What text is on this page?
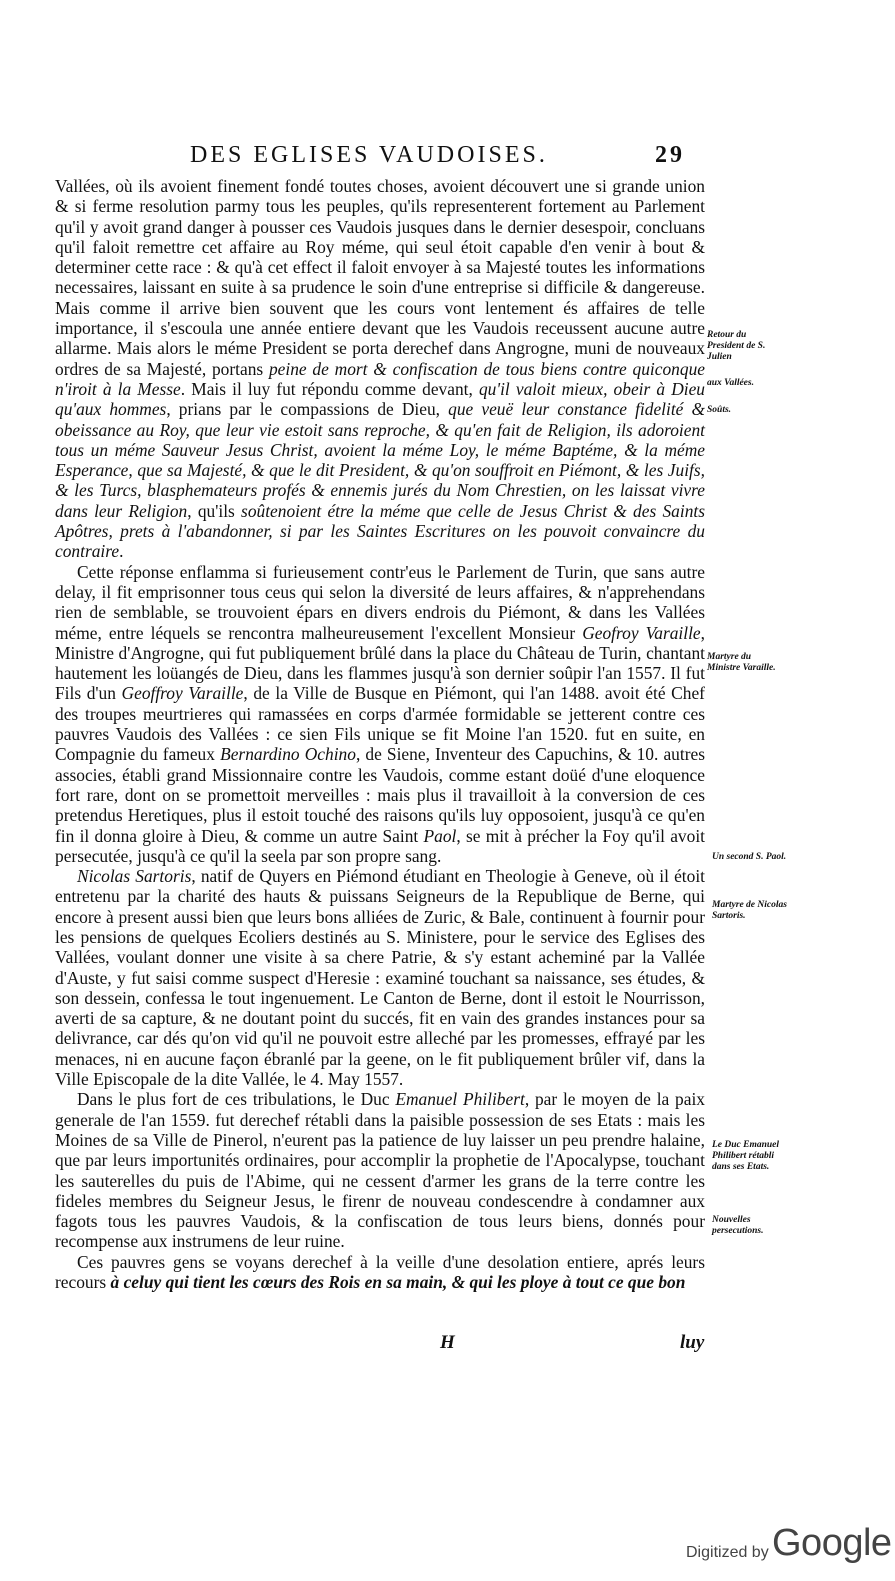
DES EGLISES VAUDOISES.	29

Vallées, où ils avoient finement fondé toutes choses, avoient découvert une si grande union & si ferme resolution parmy tous les peuples, qu'ils representerent fortement au Parlement qu'il y avoit grand danger à pousser ces Vaudois jusques dans le dernier desespoir, concluans qu'il faloit remettre cet affaire au Roy méme, qui seul étoit capable d'en venir à bout & determiner cette race : & qu'à cet effect il faloit envoyer à sa Majesté toutes les informations necessaires, laissant en suite à sa prudence le soin d'une entreprise si difficile & dangereuse. Mais comme il arrive bien souvent que les cours vont lentement és affaires de telle importance, il s'escoula une année entiere devant que les Vaudois receussent aucune autre allarme. Mais alors le méme President se porta derechef dans Angrogne, muni de nouveaux ordres de sa Majesté, portans peine de mort & confiscation de tous biens contre quiconque n'iroit à la Messe. Mais il luy fut répondu comme devant, qu'il valoit mieux, obeir à Dieu qu'aux hommes, prians par le compassions de Dieu, que veuë leur constance fidelité & obeissance au Roy, que leur vie estoit sans reproche, & qu'en fait de Religion, ils adoroient tous un méme Sauveur Jesus Christ, avoient la méme Loy, le méme Baptéme, & la méme Esperance, que sa Majesté, & que le dit President, & qu'on souffroit en Piémont, & les Juifs, & les Turcs, blasphemateurs profés & ennemis jurés du Nom Chrestien, on les laissat vivre dans leur Religion, qu'ils soûtenoient étre la méme que celle de Jesus Christ & des Saints Apôtres, prets à l'abandonner, si par les Saintes Escritures on les pouvoit convaincre du contraire.

Cette réponse enflamma si furieusement contr'eus le Parlement de Turin, que sans autre delay, il fit emprisonner tous ceus qui selon la diversité de leurs affaires, & n'apprehendans rien de semblable, se trouvoient épars en divers endrois du Piémont, & dans les Vallées méme, entre léquels se rencontra malheureusement l'excellent Monsieur Geofroy Varaille, Ministre d'Angrogne, qui fut publiquement brûlé dans la place du Château de Turin, chantant hautement les loüangés de Dieu, dans les flammes jusqu'à son dernier soûpir l'an 1557. Il fut Fils d'un Geoffroy Varaille, de la Ville de Busque en Piémont, qui l'an 1488. avoit été Chef des troupes meurtrieres qui ramassées en corps d'armée formidable se jetterent contre ces pauvres Vaudois des Vallées : ce sien Fils unique se fit Moine l'an 1520. fut en suite, en Compagnie du fameux Bernardino Ochino, de Siene, Inventeur des Capuchins, & 10. autres associes, établi grand Missionnaire contre les Vaudois, comme estant doüé d'une eloquence fort rare, dont on se promettoit merveilles : mais plus il travailloit à la conversion de ces pretendus Heretiques, plus il estoit touché des raisons qu'ils luy opposoient, jusqu'à ce qu'en fin il donna gloire à Dieu, & comme un autre Saint Paol, se mit à précher la Foy qu'il avoit persecutée, jusqu'à ce qu'il la seela par son propre sang.

Nicolas Sartoris, natif de Quyers en Piémond étudiant en Theologie à Geneve, où il étoit entretenu par la charité des hauts & puissans Seigneurs de la Republique de Berne, qui encore à present aussi bien que leurs bons alliées de Zuric, & Bale, continuent à fournir pour les pensions de quelques Ecoliers destinés au S. Ministere, pour le service des Eglises des Vallées, voulant donner une visite à sa chere Patrie, & s'y estant acheminé par la Vallée d'Auste, y fut saisi comme suspect d'Heresie : examiné touchant sa naissance, ses études, & son dessein, confessa le tout ingenuement. Le Canton de Berne, dont il estoit le Nourrisson, averti de sa capture, & ne doutant point du succés, fit en vain des grandes instances pour sa delivrance, car dés qu'on vid qu'il ne pouvoit estre alleché par les promesses, effrayé par les menaces, ni en aucune façon ébranlé par la geene, on le fit publiquement brûler vif, dans la Ville Episcopale de la dite Vallée, le 4. May 1557.

Dans le plus fort de ces tribulations, le Duc Emanuel Philibert, par le moyen de la paix generale de l'an 1559. fut derechef rétabli dans la paisible possession de ses Etats : mais les Moines de sa Ville de Pinerol, n'eurent pas la patience de luy laisser un peu prendre halaine, que par leurs importunités ordinaires, pour accomplir la prophetie de l'Apocalypse, touchant les sauterelles du puis de l'Abime, qui ne cessent d'armer les grans de la terre contre les fideles membres du Seigneur Jesus, le firenr de nouveau condescendre à condamner aux fagots tous les pauvres Vaudois, & la confiscation de tous leurs biens, donnés pour recompense aux instrumens de leur ruine.

Ces pauvres gens se voyans derechef à la veille d'une desolation entiere, aprés leurs recours à celuy qui tient les cœurs des Rois en sa main, & qui les ploye à tout ce que bon

Retour du President de S. Julien
aux Vallées.
Soûts.
Martyre du Ministre Varaille.
Un second S. Paol.
Martyre de Nicolas Sartoris.
Le Duc Emanuel Philibert rétabli dans ses Etats.
Nouvelles persecutions.
H	luy
Digitized by Google
